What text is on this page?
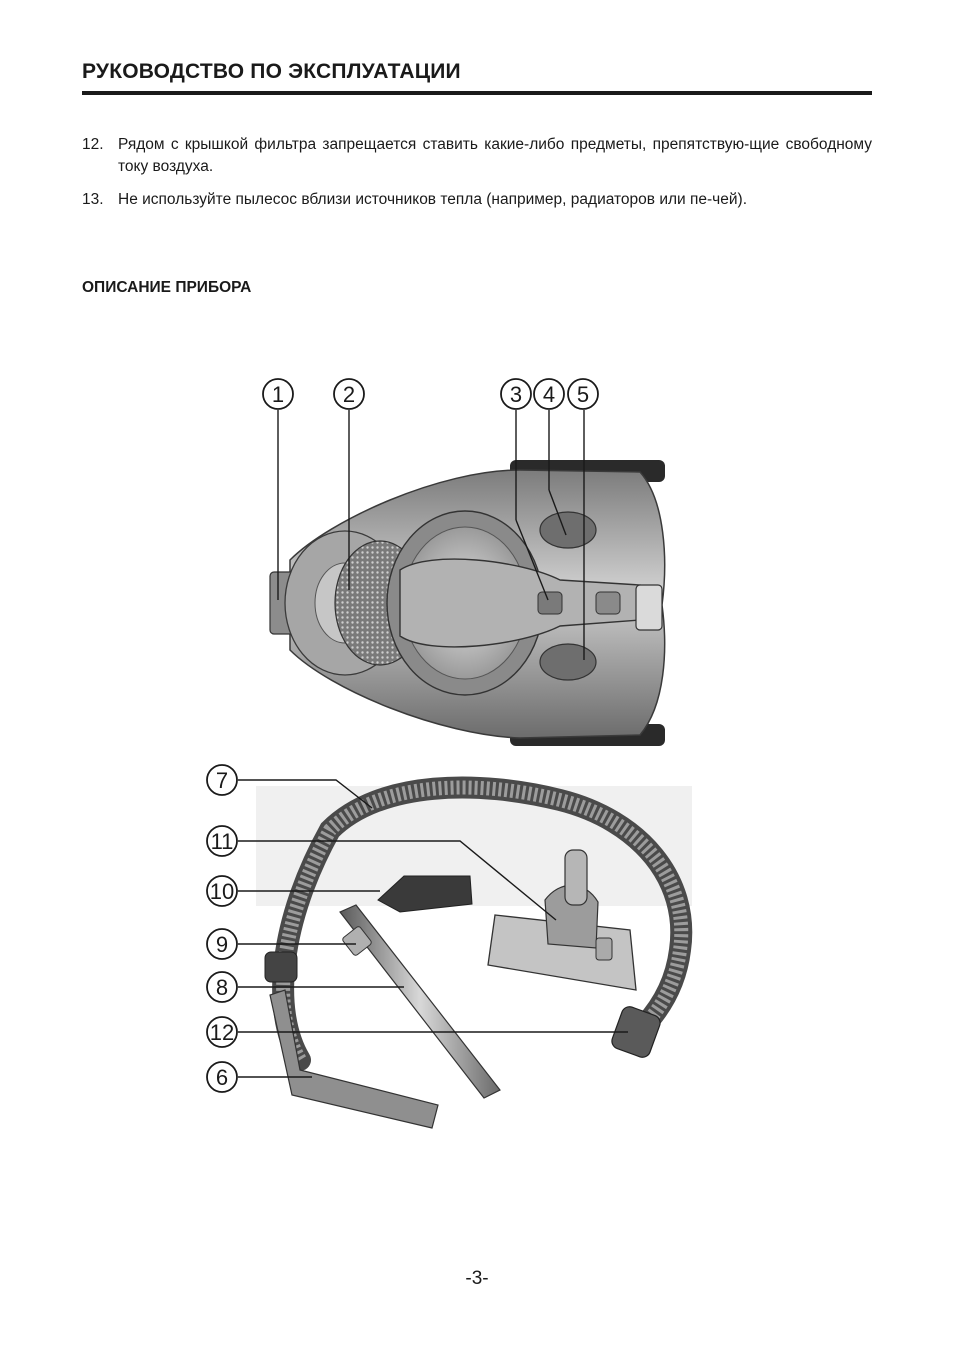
РУКОВОДСТВО ПО ЭКСПЛУАТАЦИИ
12. Рядом с крышкой фильтра запрещается ставить какие-либо предметы, препятствую-щие свободному току воздуха.
13. Не используйте пылесос вблизи источников тепла (например, радиаторов или пе-чей).
ОПИСАНИЕ ПРИБОРА
1	2	3 4 5
7
11
10
9
8
12
6
-3-
